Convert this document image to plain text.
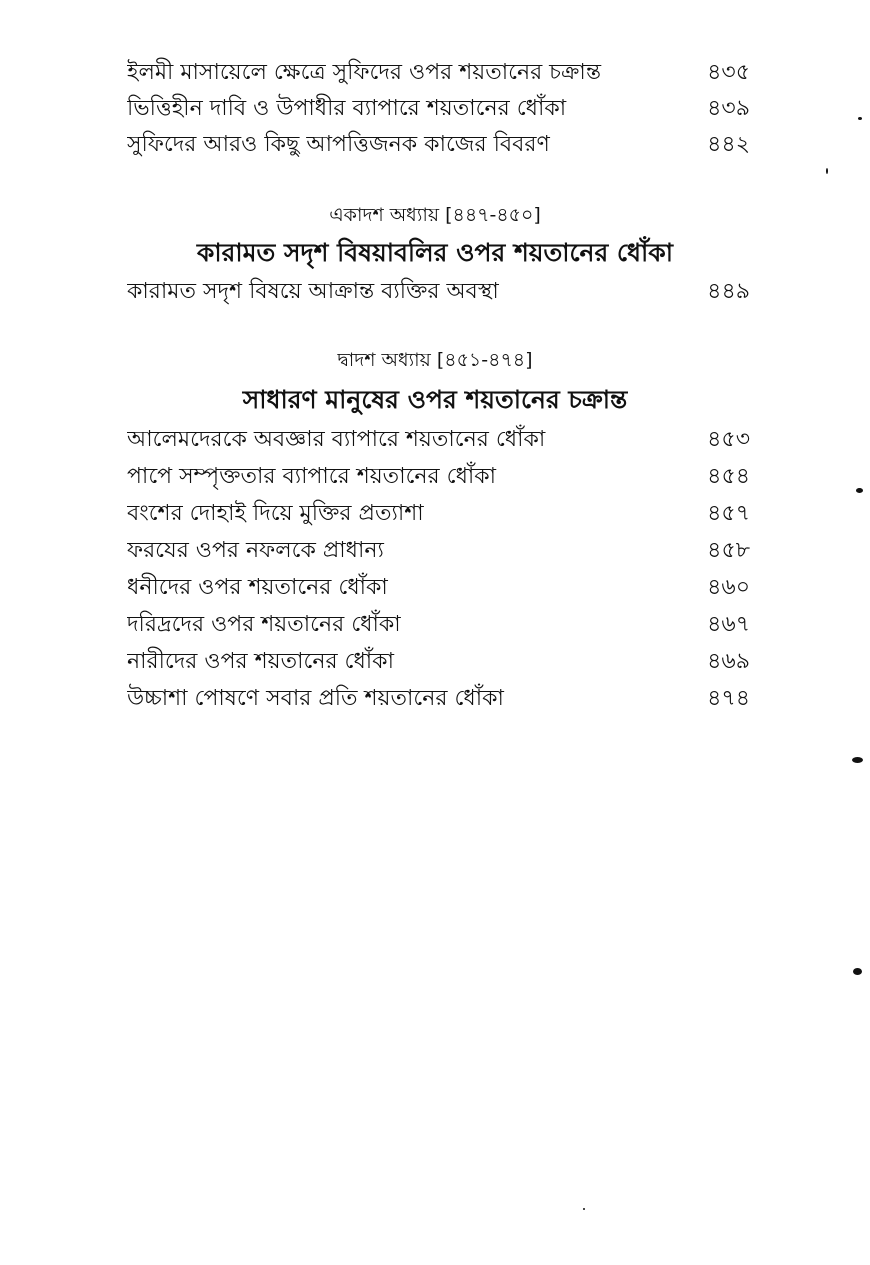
ইলমী মাসায়েলে ক্ষেত্রে সুফিদের ওপর শয়তানের চক্রান্ত	৪৩৫
ভিত্তিহীন দাবি ও উপাধীর ব্যাপারে শয়তানের ধোঁকা	৪৩৯
সুফিদের আরও কিছু আপত্তিজনক কাজের বিবরণ	৪৪২
একাদশ অধ্যায় [৪৪৭-৪৫০]
কারামত সদৃশ বিষয়াবলির ওপর শয়তানের ধোঁকা
কারামত সদৃশ বিষয়ে আক্রান্ত ব্যক্তির অবস্থা	৪৪৯
দ্বাদশ অধ্যায় [৪৫১-৪৭৪]
সাধারণ মানুষের ওপর শয়তানের চক্রান্ত
আলেমদেরকে অবজ্ঞার ব্যাপারে শয়তানের ধোঁকা	৪৫৩
পাপে সম্পৃক্ততার ব্যাপারে শয়তানের ধোঁকা	৪৫৪
বংশের দোহাই দিয়ে মুক্তির প্রত্যাশা	৪৫৭
ফরযের ওপর নফলকে প্রাধান্য	৪৫৮
ধনীদের ওপর শয়তানের ধোঁকা	৪৬০
দরিদ্রদের ওপর শয়তানের ধোঁকা	৪৬৭
নারীদের ওপর শয়তানের ধোঁকা	৪৬৯
উচ্চাশা পোষণে সবার প্রতি শয়তানের ধোঁকা	৪৭৪
